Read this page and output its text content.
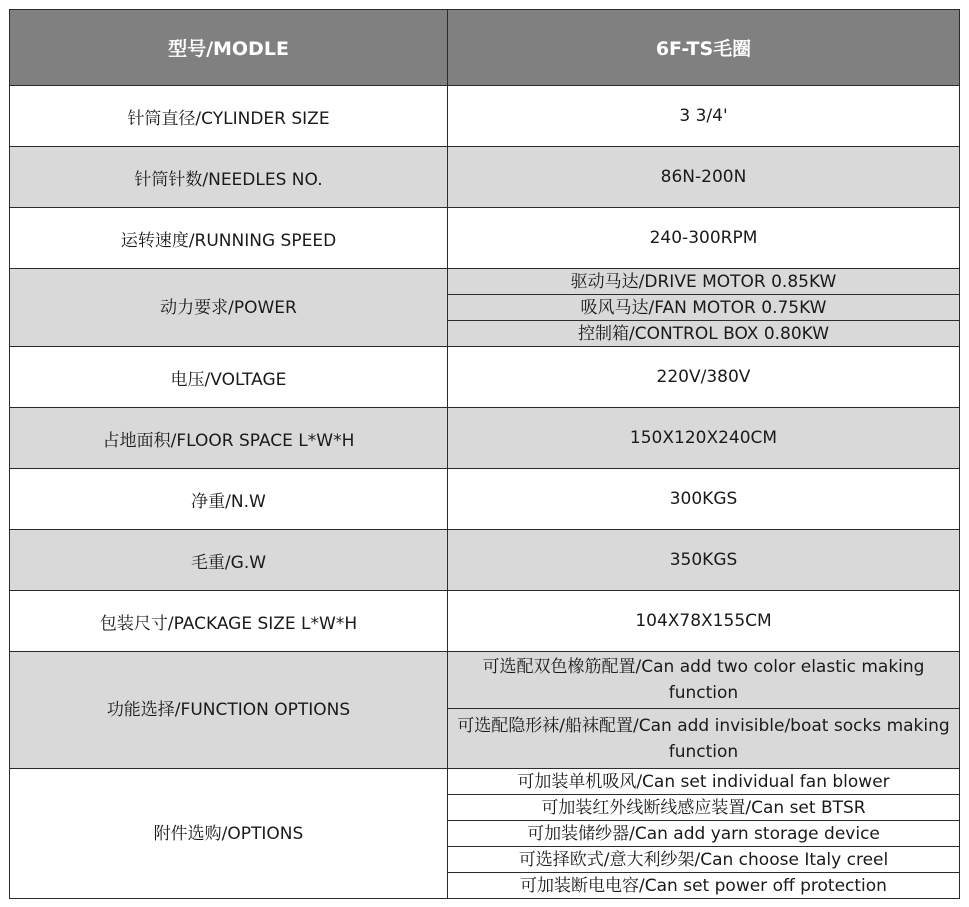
型号/MODLE	6F-TS毛圈
针筒直径/CYLINDER SIZE	3 3/4'
针筒针数/NEEDLES NO.	86N-200N
运转速度/RUNNING SPEED	240-300RPM
动力要求/POWER	驱动马达/DRIVE MOTOR 0.85KW
	吸风马达/FAN MOTOR 0.75KW
	控制箱/CONTROL BOX 0.80KW
电压/VOLTAGE	220V/380V
占地面积/FLOOR SPACE L*W*H	150X120X240CM
净重/N.W	300KGS
毛重/G.W	350KGS
包装尺寸/PACKAGE SIZE L*W*H	104X78X155CM
功能选择/FUNCTION OPTIONS	可选配双色橡筋配置/Can add two color elastic making function
	可选配隐形袜/船袜配置/Can add invisible/boat socks making function
附件选购/OPTIONS	可加装单机吸风/Can set individual fan blower
	可加装红外线断线感应装置/Can set BTSR
	可加装储纱器/Can add yarn storage device
	可选择欧式/意大利纱架/Can choose Italy creel
	可加装断电电容/Can set power off protection
